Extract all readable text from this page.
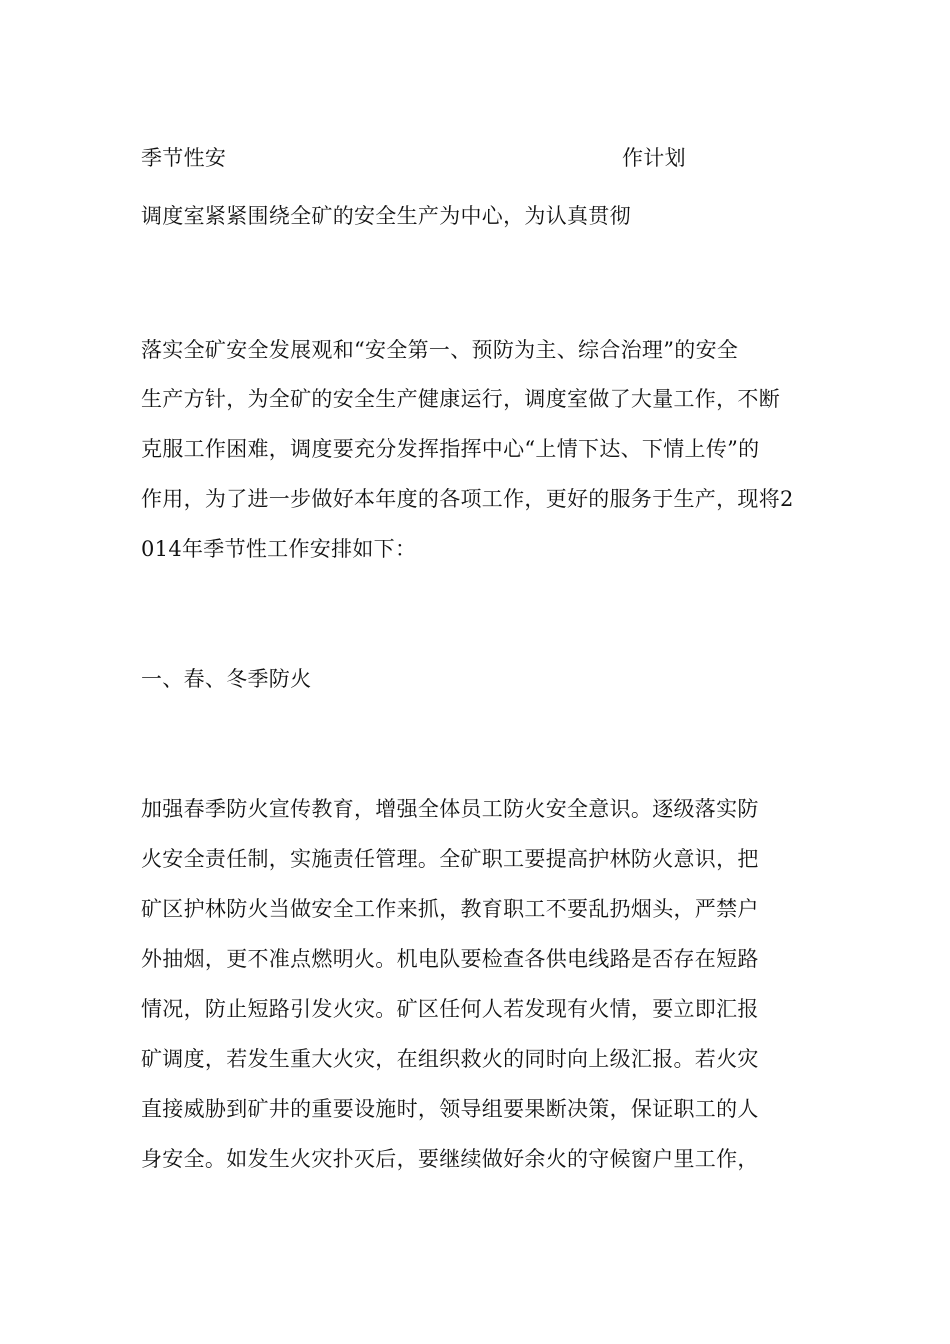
季节性安	作计划
调度室紧紧围绕全矿的安全生产为中心，为认真贯彻
落实全矿安全发展观和“安全第一、预防为主、综合治理”的安全
生产方针，为全矿的安全生产健康运行，调度室做了大量工作，不断
克服工作困难，调度要充分发挥指挥中心“上情下达、下情上传”的
作用，为了进一步做好本年度的各项工作，更好的服务于生产，现将2
014年季节性工作安排如下：
一、春、冬季防火
加强春季防火宣传教育，增强全体员工防火安全意识。逐级落实防
火安全责任制，实施责任管理。全矿职工要提高护林防火意识，把
矿区护林防火当做安全工作来抓，教育职工不要乱扔烟头，严禁户
外抽烟，更不准点燃明火。机电队要检查各供电线路是否存在短路
情况，防止短路引发火灾。矿区任何人若发现有火情，要立即汇报
矿调度，若发生重大火灾，在组织救火的同时向上级汇报。若火灾
直接威胁到矿井的重要设施时，领导组要果断决策，保证职工的人
身安全。如发生火灾扑灭后，要继续做好余火的守候窗户里工作，
